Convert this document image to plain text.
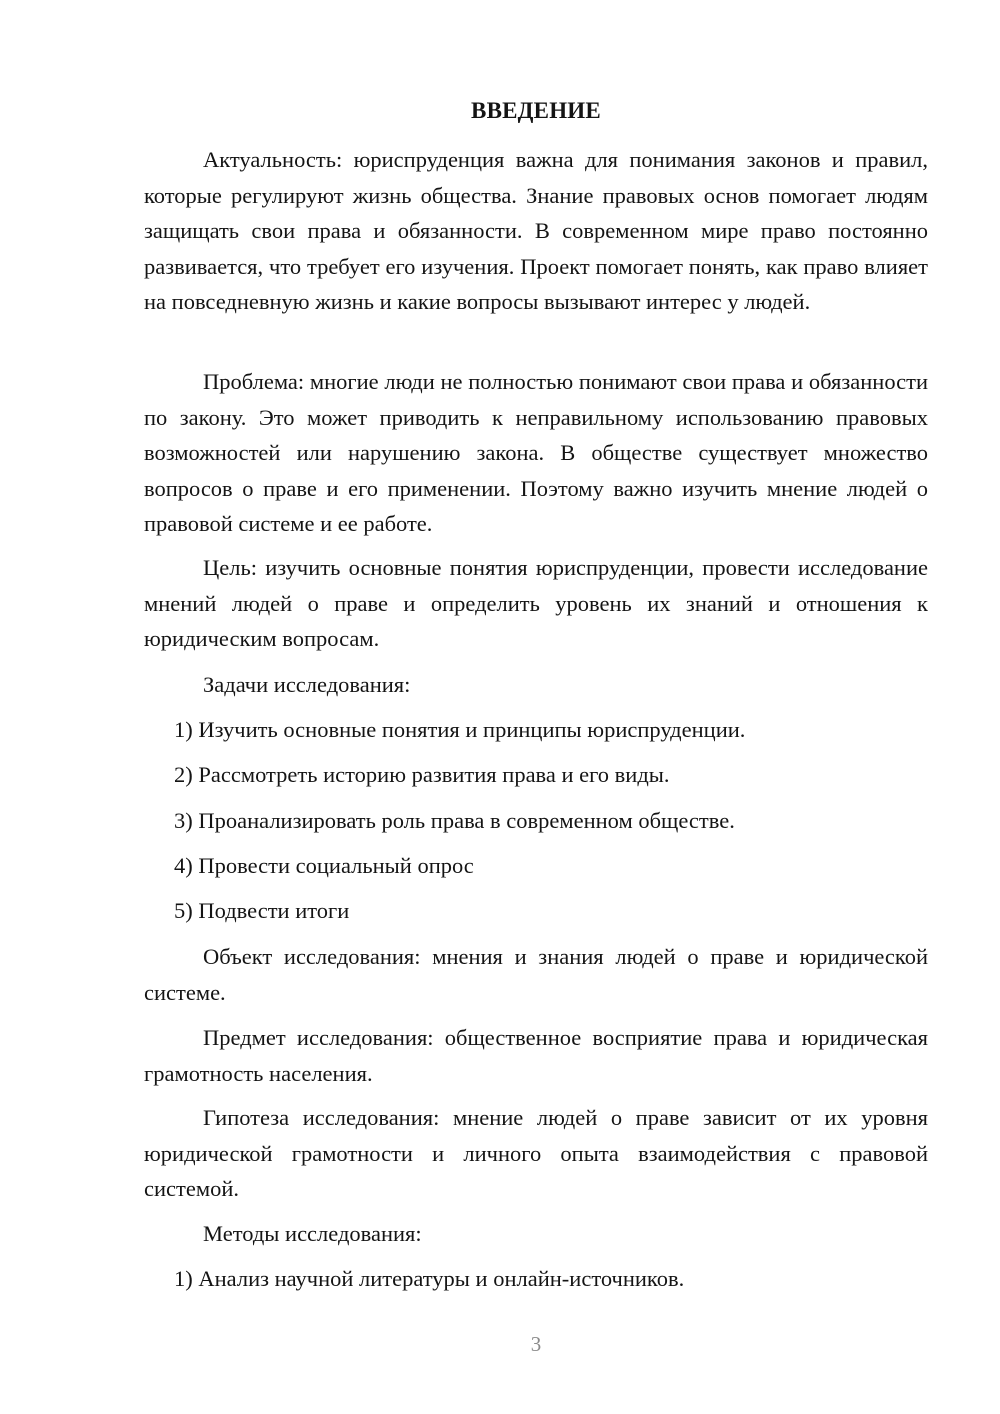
ВВЕДЕНИЕ

Актуальность: юриспруденция важна для понимания законов и правил, которые регулируют жизнь общества. Знание правовых основ помогает людям защищать свои права и обязанности. В современном мире право постоянно развивается, что требует его изучения. Проект помогает понять, как право влияет на повседневную жизнь и какие вопросы вызывают интерес у людей.

Проблема: многие люди не полностью понимают свои права и обязанности по закону. Это может приводить к неправильному использованию правовых возможностей или нарушению закона. В обществе существует множество вопросов о праве и его применении. Поэтому важно изучить мнение людей о правовой системе и ее работе.

Цель: изучить основные понятия юриспруденции, провести исследование мнений людей о праве и определить уровень их знаний и отношения к юридическим вопросам.

Задачи исследования:

1) Изучить основные понятия и принципы юриспруденции.

2) Рассмотреть историю развития права и его виды.

3) Проанализировать роль права в современном обществе.

4) Провести социальный опрос

5) Подвести итоги

Объект исследования: мнения и знания людей о праве и юридической системе.

Предмет исследования: общественное восприятие права и юридическая грамотность населения.

Гипотеза исследования: мнение людей о праве зависит от их уровня юридической грамотности и личного опыта взаимодействия с правовой системой.

Методы исследования:

1) Анализ научной литературы и онлайн-источников.

3
